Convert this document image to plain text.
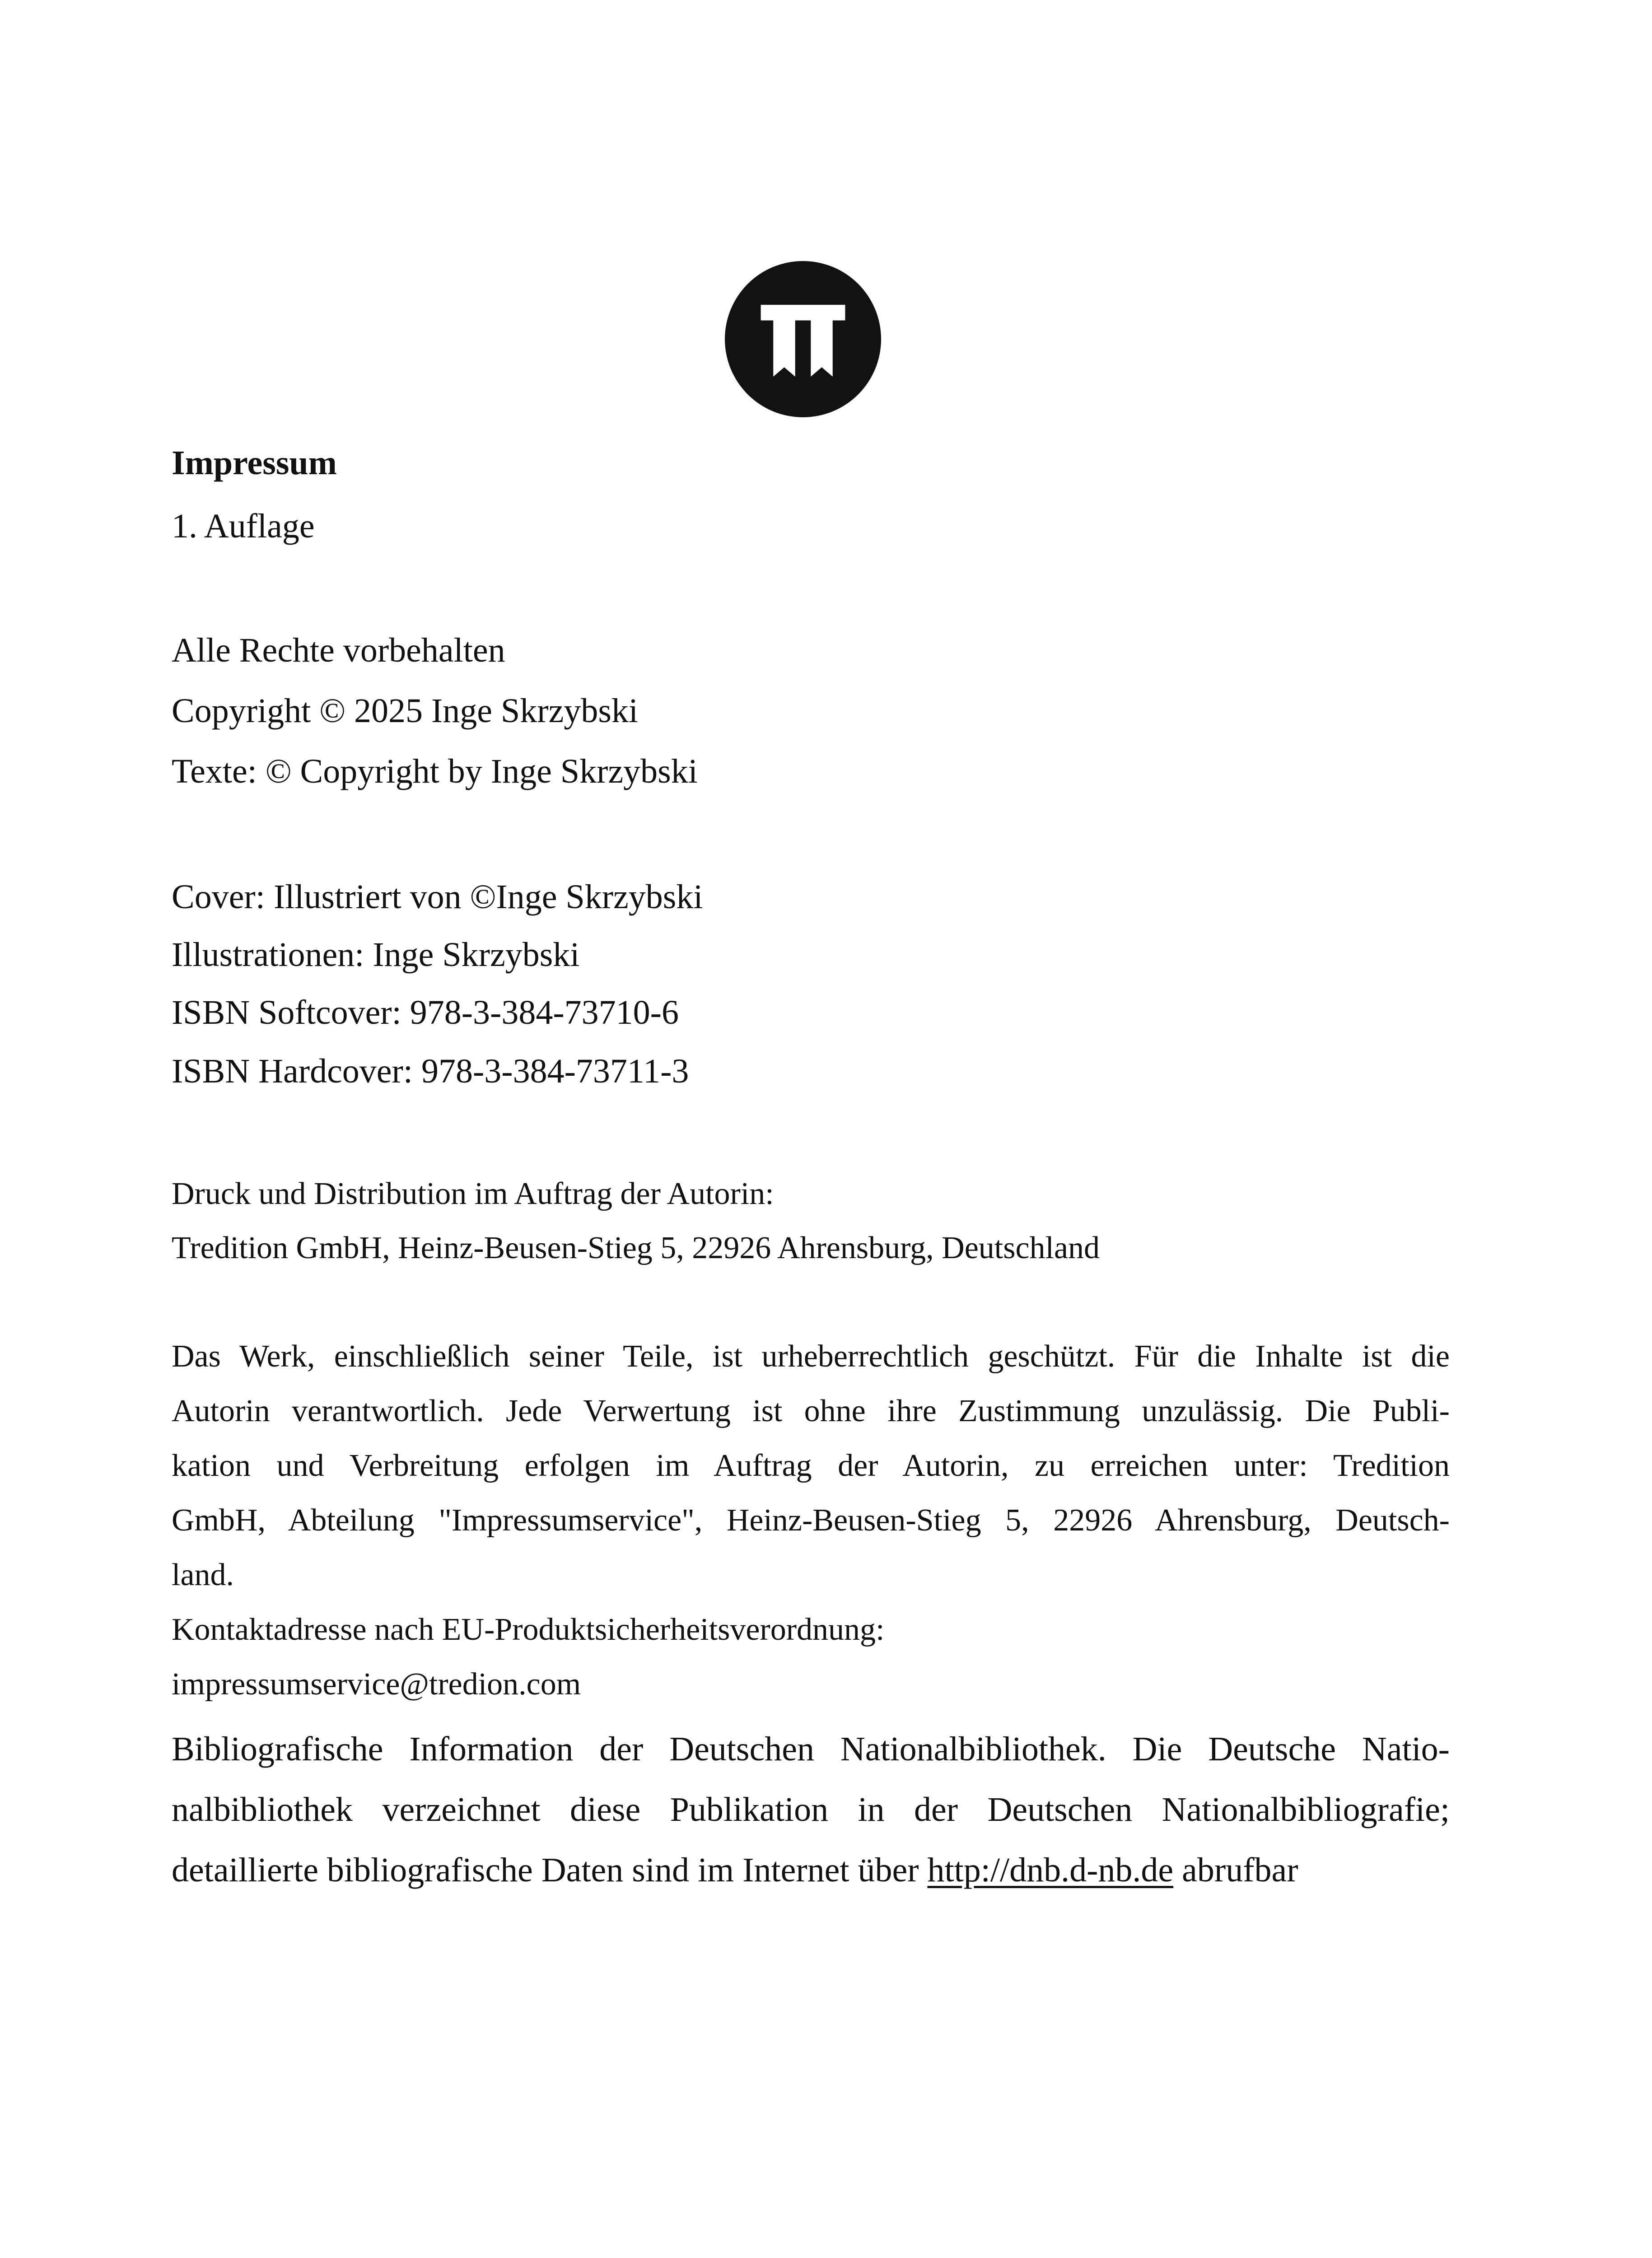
Impressum
1. Auflage
Alle Rechte vorbehalten
Copyright © 2025 Inge Skrzybski
Texte: © Copyright by Inge Skrzybski
Cover: Illustriert von ©Inge Skrzybski
Illustrationen: Inge Skrzybski
ISBN Softcover: 978-3-384-73710-6
ISBN Hardcover: 978-3-384-73711-3
Druck und Distribution im Auftrag der Autorin:
Tredition GmbH, Heinz-Beusen-Stieg 5, 22926 Ahrensburg, Deutschland
Das Werk, einschließlich seiner Teile, ist urheberrechtlich geschützt. Für die Inhalte ist die
Autorin verantwortlich. Jede Verwertung ist ohne ihre Zustimmung unzulässig. Die Publi-
kation und Verbreitung erfolgen im Auftrag der Autorin, zu erreichen unter: Tredition
GmbH, Abteilung "Impressumservice", Heinz-Beusen-Stieg 5, 22926 Ahrensburg, Deutsch-
land.
Kontaktadresse nach EU-Produktsicherheitsverordnung:
impressumservice@tredion.com
Bibliografische Information der Deutschen Nationalbibliothek. Die Deutsche Natio-
nalbibliothek verzeichnet diese Publikation in der Deutschen Nationalbibliografie;
detaillierte bibliografische Daten sind im Internet über http://dnb.d-nb.de abrufbar
